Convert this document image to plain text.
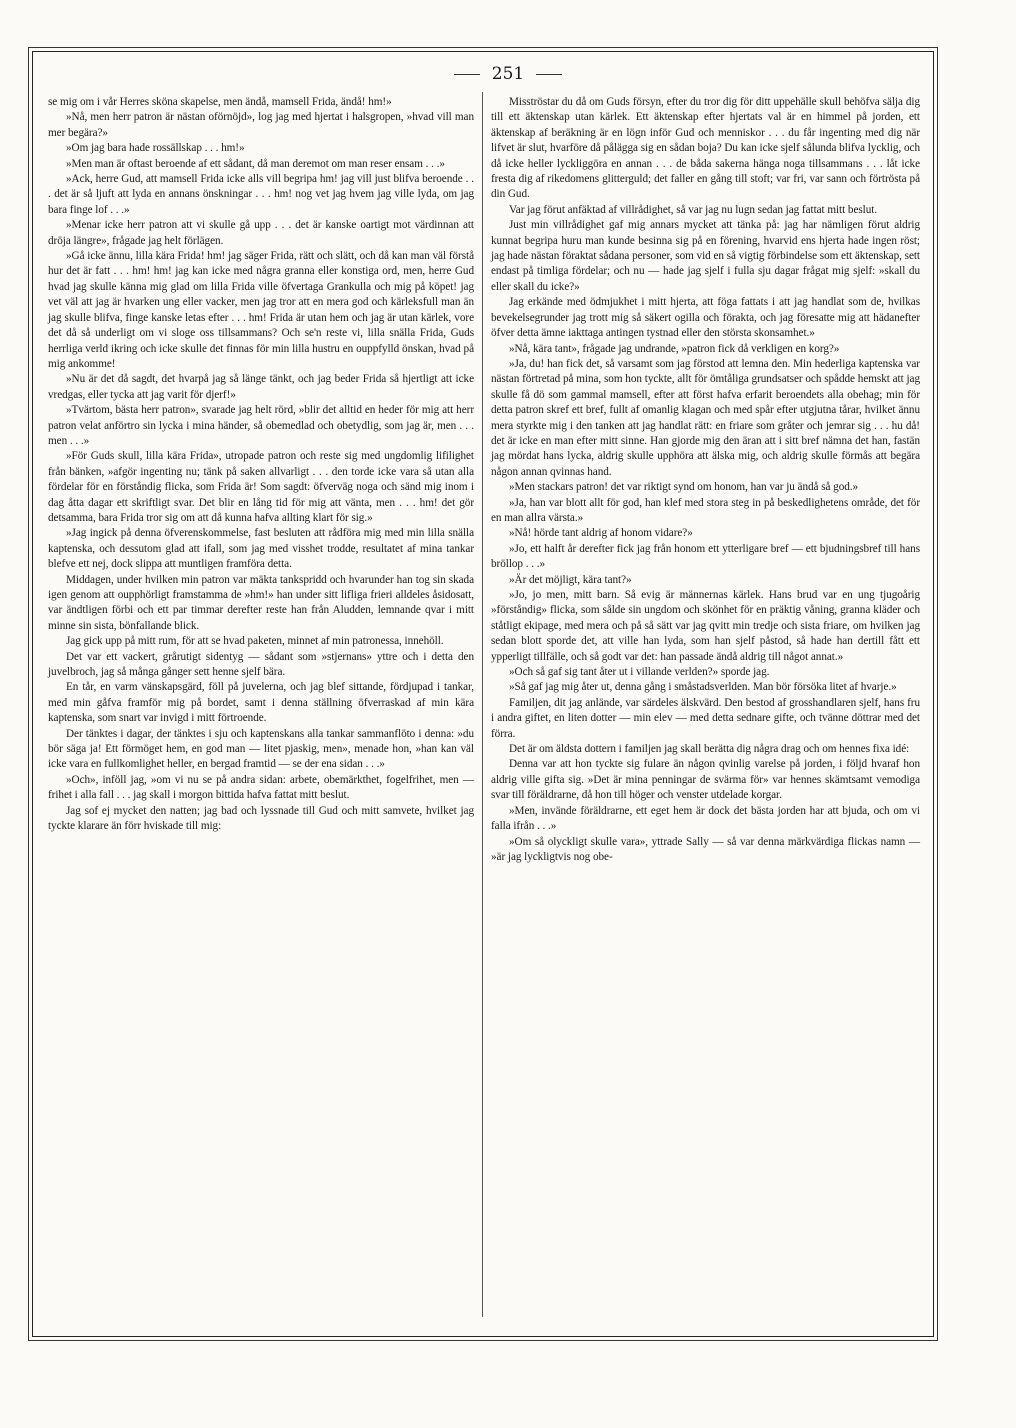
251

se mig om i vår Herres sköna skapelse, men ändå, mamsell Frida, ändå! hm!»

»Nå, men herr patron är nästan oförnöjd», log jag med hjertat i halsgropen, »hvad vill man mer begära?»

»Om jag bara hade rossällskap . . . hm!»

»Men man är oftast beroende af ett sådant, då man deremot om man reser ensam . . .»

»Ack, herre Gud, att mamsell Frida icke alls vill begripa hm! jag vill just blifva beroende . . . det är så ljuft att lyda en annans önskningar . . . hm! nog vet jag hvem jag ville lyda, om jag bara finge lof . . .»

»Menar icke herr patron att vi skulle gå upp . . . det är kanske oartigt mot värdinnan att dröja längre», frågade jag helt förlägen.

»Gå icke ännu, lilla kära Frida! hm! jag säger Frida, rätt och slätt, och då kan man väl förstå hur det är fatt . . . hm! hm! jag kan icke med några granna eller konstiga ord, men, herre Gud hvad jag skulle känna mig glad om lilla Frida ville öfvertaga Grankulla och mig på köpet! jag vet väl att jag är hvarken ung eller vacker, men jag tror att en mera god och kärleksfull man än jag skulle blifva, finge kanske letas efter . . . hm! Frida är utan hem och jag är utan kärlek, vore det då så underligt om vi sloge oss tillsammans? Och se'n reste vi, lilla snälla Frida, Guds herrliga verld ikring och icke skulle det finnas för min lilla hustru en ouppfylld önskan, hvad på mig ankomme!

»Nu är det då sagdt, det hvarpå jag så länge tänkt, och jag beder Frida så hjertligt att icke vredgas, eller tycka att jag varit för djerf!»

»Tvärtom, bästa herr patron», svarade jag helt rörd, »blir det alltid en heder för mig att herr patron velat anförtro sin lycka i mina händer, så obemedlad och obetydlig, som jag är, men . . . men . . .»

»För Guds skull, lilla kära Frida», utropade patron och reste sig med ungdomlig lifilighet från bänken, »afgör ingenting nu; tänk på saken allvarligt . . . den torde icke vara så utan alla fördelar för en förståndig flicka, som Frida är! Som sagdt: öfverväg noga och sänd mig inom i dag åtta dagar ett skriftligt svar. Det blir en lång tid för mig att vänta, men . . . hm! det gör detsamma, bara Frida tror sig om att då kunna hafva allting klart för sig.»

»Jag ingick på denna öfverenskommelse, fast besluten att rådföra mig med min lilla snälla kaptenska, och dessutom glad att ifall, som jag med visshet trodde, resultatet af mina tankar blefve ett nej, dock slippa att muntligen framföra detta.

Middagen, under hvilken min patron var mäkta tankspridd och hvarunder han tog sin skada igen genom att oupphörligt framstamma de »hm!» han under sitt lifliga frieri alldeles åsidosatt, var ändtligen förbi och ett par timmar derefter reste han från Aludden, lemnande qvar i mitt minne sin sista, bönfallande blick.

Jag gick upp på mitt rum, för att se hvad paketen, minnet af min patronessa, innehöll.

Det var ett vackert, grårutigt sidentyg — sådant som »stjernans» yttre och i detta den juvelbroch, jag så många gånger sett henne sjelf bära.

En tår, en varm vänskapsgärd, föll på juvelerna, och jag blef sittande, fördjupad i tankar, med min gåfva framför mig på bordet, samt i denna ställning öfverraskad af min kära kaptenska, som snart var invigd i mitt förtroende.

Der tänktes i dagar, der tänktes i sju och kaptenskans alla tankar sammanflöto i denna: »du bör säga ja! Ett förmöget hem, en god man — litet pjaskig, men», menade hon, »han kan väl icke vara en fullkomlighet heller, en bergad framtid — se der ena sidan . . .»

»Och», inföll jag, »om vi nu se på andra sidan: arbete, obemärkthet, fogelfrihet, men — frihet i alla fall . . . jag skall i morgon bittida hafva fattat mitt beslut.

Jag sof ej mycket den natten; jag bad och lyssnade till Gud och mitt samvete, hvilket jag tyckte klarare än förr hviskade till mig:

Misströstar du då om Guds försyn, efter du tror dig för ditt uppehälle skull behöfva sälja dig till ett äktenskap utan kärlek. Ett äktenskap efter hjertats val är en himmel på jorden, ett äktenskap af beräkning är en lögn inför Gud och menniskor . . . du får ingenting med dig när lifvet är slut, hvarföre då pålägga sig en sådan boja? Du kan icke sjelf sålunda blifva lycklig, och då icke heller lyckliggöra en annan . . . de båda sakerna hänga noga tillsammans . . . låt icke fresta dig af rikedomens glitterguld; det faller en gång till stoft; var fri, var sann och förtrösta på din Gud.

Var jag förut anfäktad af villrådighet, så var jag nu lugn sedan jag fattat mitt beslut.

Just min villrådighet gaf mig annars mycket att tänka på: jag har nämligen förut aldrig kunnat begripa huru man kunde besinna sig på en förening, hvarvid ens hjerta hade ingen röst; jag hade nästan föraktat sådana personer, som vid en så vigtig förbindelse som ett äktenskap, sett endast på timliga fördelar; och nu — hade jag sjelf i fulla sju dagar frågat mig sjelf: »skall du eller skall du icke?»

Jag erkände med ödmjukhet i mitt hjerta, att föga fattats i att jag handlat som de, hvilkas bevekelsegrunder jag trott mig så säkert ogilla och förakta, och jag föresatte mig att hädanefter öfver detta ämne iakttaga antingen tystnad eller den största skonsamhet.»

»Nå, kära tant», frågade jag undrande, »patron fick då verkligen en korg?»

»Ja, du! han fick det, så varsamt som jag förstod att lemna den. Min hederliga kaptenska var nästan förtretad på mina, som hon tyckte, allt för ömtåliga grundsatser och spådde hemskt att jag skulle få dö som gammal mamsell, efter att först hafva erfarit beroendets alla obehag; min för detta patron skref ett bref, fullt af omanlig klagan och med spår efter utgjutna tårar, hvilket ännu mera styrkte mig i den tanken att jag handlat rätt: en friare som gråter och jemrar sig . . . hu då! det är icke en man efter mitt sinne. Han gjorde mig den äran att i sitt bref nämna det han, fastän jag mördat hans lycka, aldrig skulle upphöra att älska mig, och aldrig skulle förmås att begära någon annan qvinnas hand.

»Men stackars patron! det var riktigt synd om honom, han var ju ändå så god.»

»Ja, han var blott allt för god, han klef med stora steg in på beskedlighetens område, det för en man allra värsta.»

»Nå! hörde tant aldrig af honom vidare?»

»Jo, ett halft år derefter fick jag från honom ett ytterligare bref — ett bjudningsbref till hans bröllop . . .»

»Är det möjligt, kära tant?»

»Jo, jo men, mitt barn. Så evig är männernas kärlek. Hans brud var en ung tjugoårig »förståndig» flicka, som sålde sin ungdom och skönhet för en präktig våning, granna kläder och ståtligt ekipage, med mera och på så sätt var jag qvitt min tredje och sista friare, om hvilken jag sedan blott sporde det, att ville han lyda, som han sjelf påstod, så hade han dertill fått ett ypperligt tillfälle, och så godt var det: han passade ändå aldrig till något annat.»

»Och så gaf sig tant åter ut i villande verlden?» sporde jag.

»Så gaf jag mig åter ut, denna gång i småstadsverlden. Man bör försöka litet af hvarje.»

Familjen, dit jag anlände, var särdeles älskvärd. Den bestod af grosshandlaren sjelf, hans fru i andra giftet, en liten dotter — min elev — med detta sednare gifte, och tvänne döttrar med det förra.

Det är om äldsta dottern i familjen jag skall berätta dig några drag och om hennes fixa idé:

Denna var att hon tyckte sig fulare än någon qvinlig varelse på jorden, i följd hvaraf hon aldrig ville gifta sig. »Det är mina penningar de svärma för» var hennes skämtsamt vemodiga svar till föräldrarne, då hon till höger och venster utdelade korgar.

»Men, invände föräldrarne, ett eget hem är dock det bästa jorden har att bjuda, och om vi falla ifrån . . .»

»Om så olyckligt skulle vara», yttrade Sally — så var denna märkvärdiga flickas namn — »är jag lyckligtvis nog obe-
